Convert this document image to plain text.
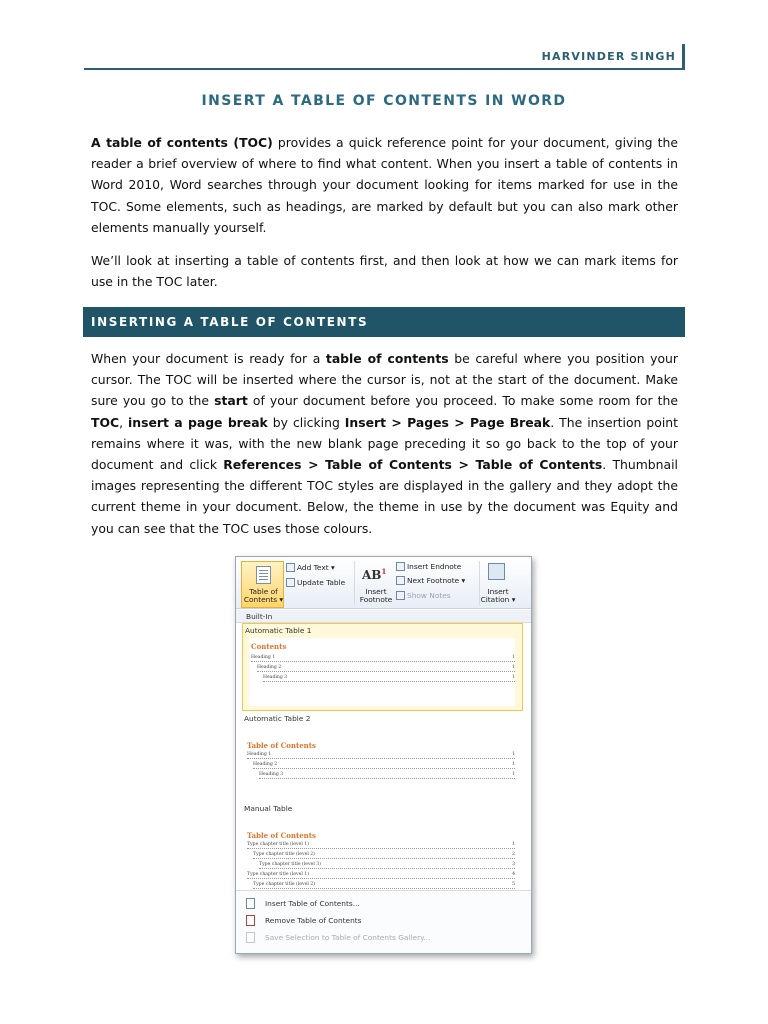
HARVINDER SINGH
INSERT A TABLE OF CONTENTS IN WORD

A table of contents (TOC) provides a quick reference point for your document, giving the reader a brief overview of where to find what content. When you insert a table of contents in Word 2010, Word searches through your document looking for items marked for use in the TOC. Some elements, such as headings, are marked by default but you can also mark other elements manually yourself.

We’ll look at inserting a table of contents first, and then look at how we can mark items for use in the TOC later.

INSERTING A TABLE OF CONTENTS

When your document is ready for a table of contents be careful where you position your cursor. The TOC will be inserted where the cursor is, not at the start of the document. Make sure you go to the start of your document before you proceed. To make some room for the TOC, insert a page break by clicking Insert > Pages > Page Break. The insertion point remains where it was, with the new blank page preceding it so go back to the top of your document and click References > Table of Contents > Table of Contents. Thumbnail images representing the different TOC styles are displayed in the gallery and they adopt the current theme in your document. Below, the theme in use by the document was Equity and you can see that the TOC uses those colours.

Table of Contents ▾
Add Text ▾
Update Table
$AB^1$
Insert Footnote
Insert Endnote
Next Footnote ▾
Show Notes	Insert Citation ▾
Built-In
Automatic Table 1
Contents
Heading 1	1
Heading 2	1
Heading 3	1
Automatic Table 2
Table of Contents
Heading 1	1
Heading 2	1
Heading 3	1
Manual Table
Table of Contents
Type chapter title (level 1)	1
Type chapter title (level 2)	2
Type chapter title (level 3)	3
Type chapter title (level 1)	4
Type chapter title (level 2)	5
Insert Table of Contents...
Remove Table of Contents
Save Selection to Table of Contents Gallery...
